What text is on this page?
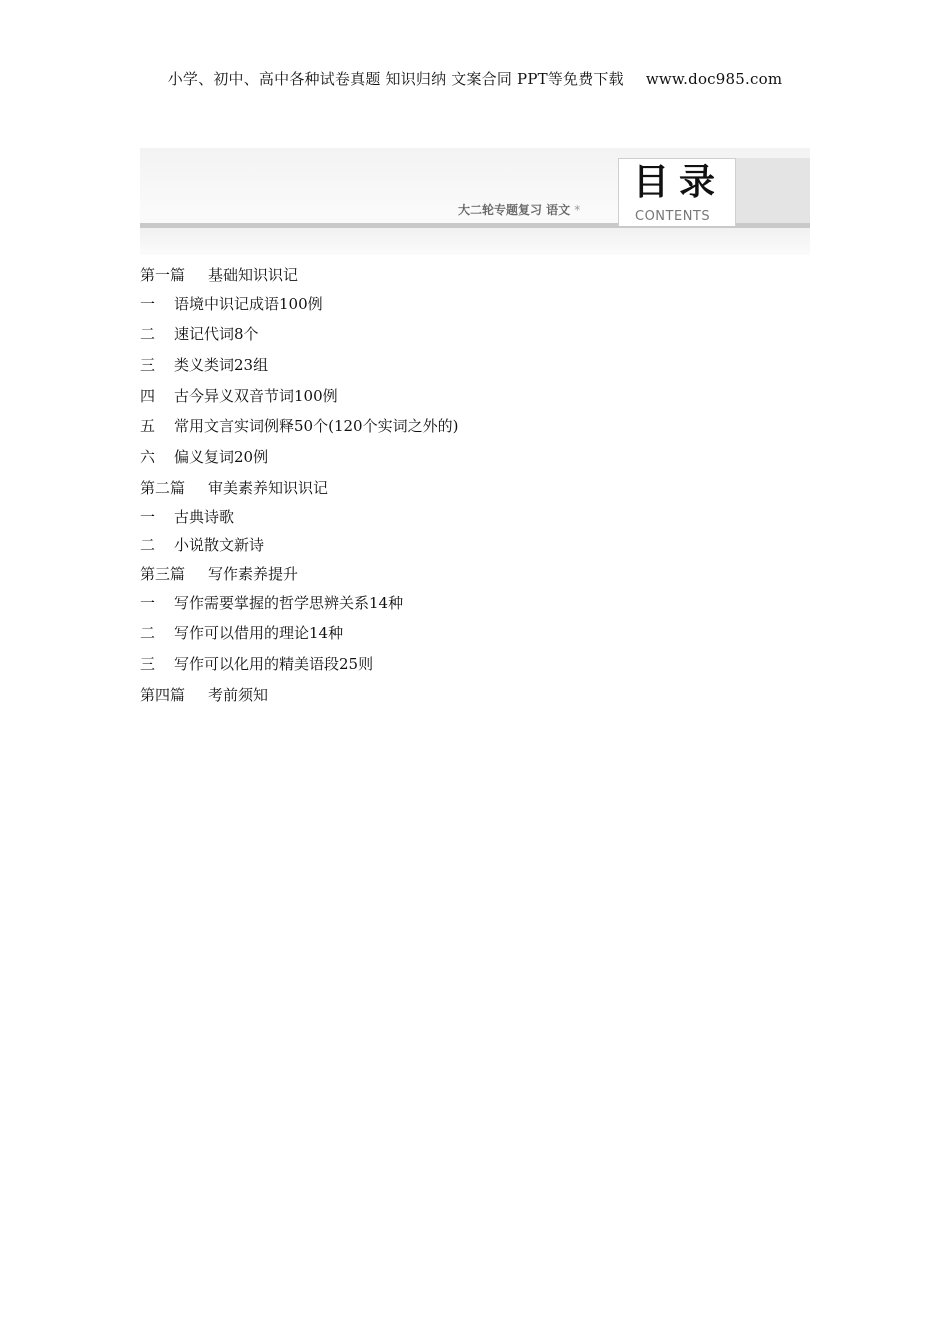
小学、初中、高中各种试卷真题 知识归纳 文案合同 PPT等免费下载 www.doc985.com
大二轮专题复习 语文 *
目录
CONTENTS
第一篇 基础知识识记
一 语境中识记成语100例
二 速记代词8个
三 类义类词23组
四 古今异义双音节词100例
五 常用文言实词例释50个(120个实词之外的)
六 偏义复词20例
第二篇 审美素养知识识记
一 古典诗歌
二 小说散文新诗
第三篇 写作素养提升
一 写作需要掌握的哲学思辨关系14种
二 写作可以借用的理论14种
三 写作可以化用的精美语段25则
第四篇 考前须知
